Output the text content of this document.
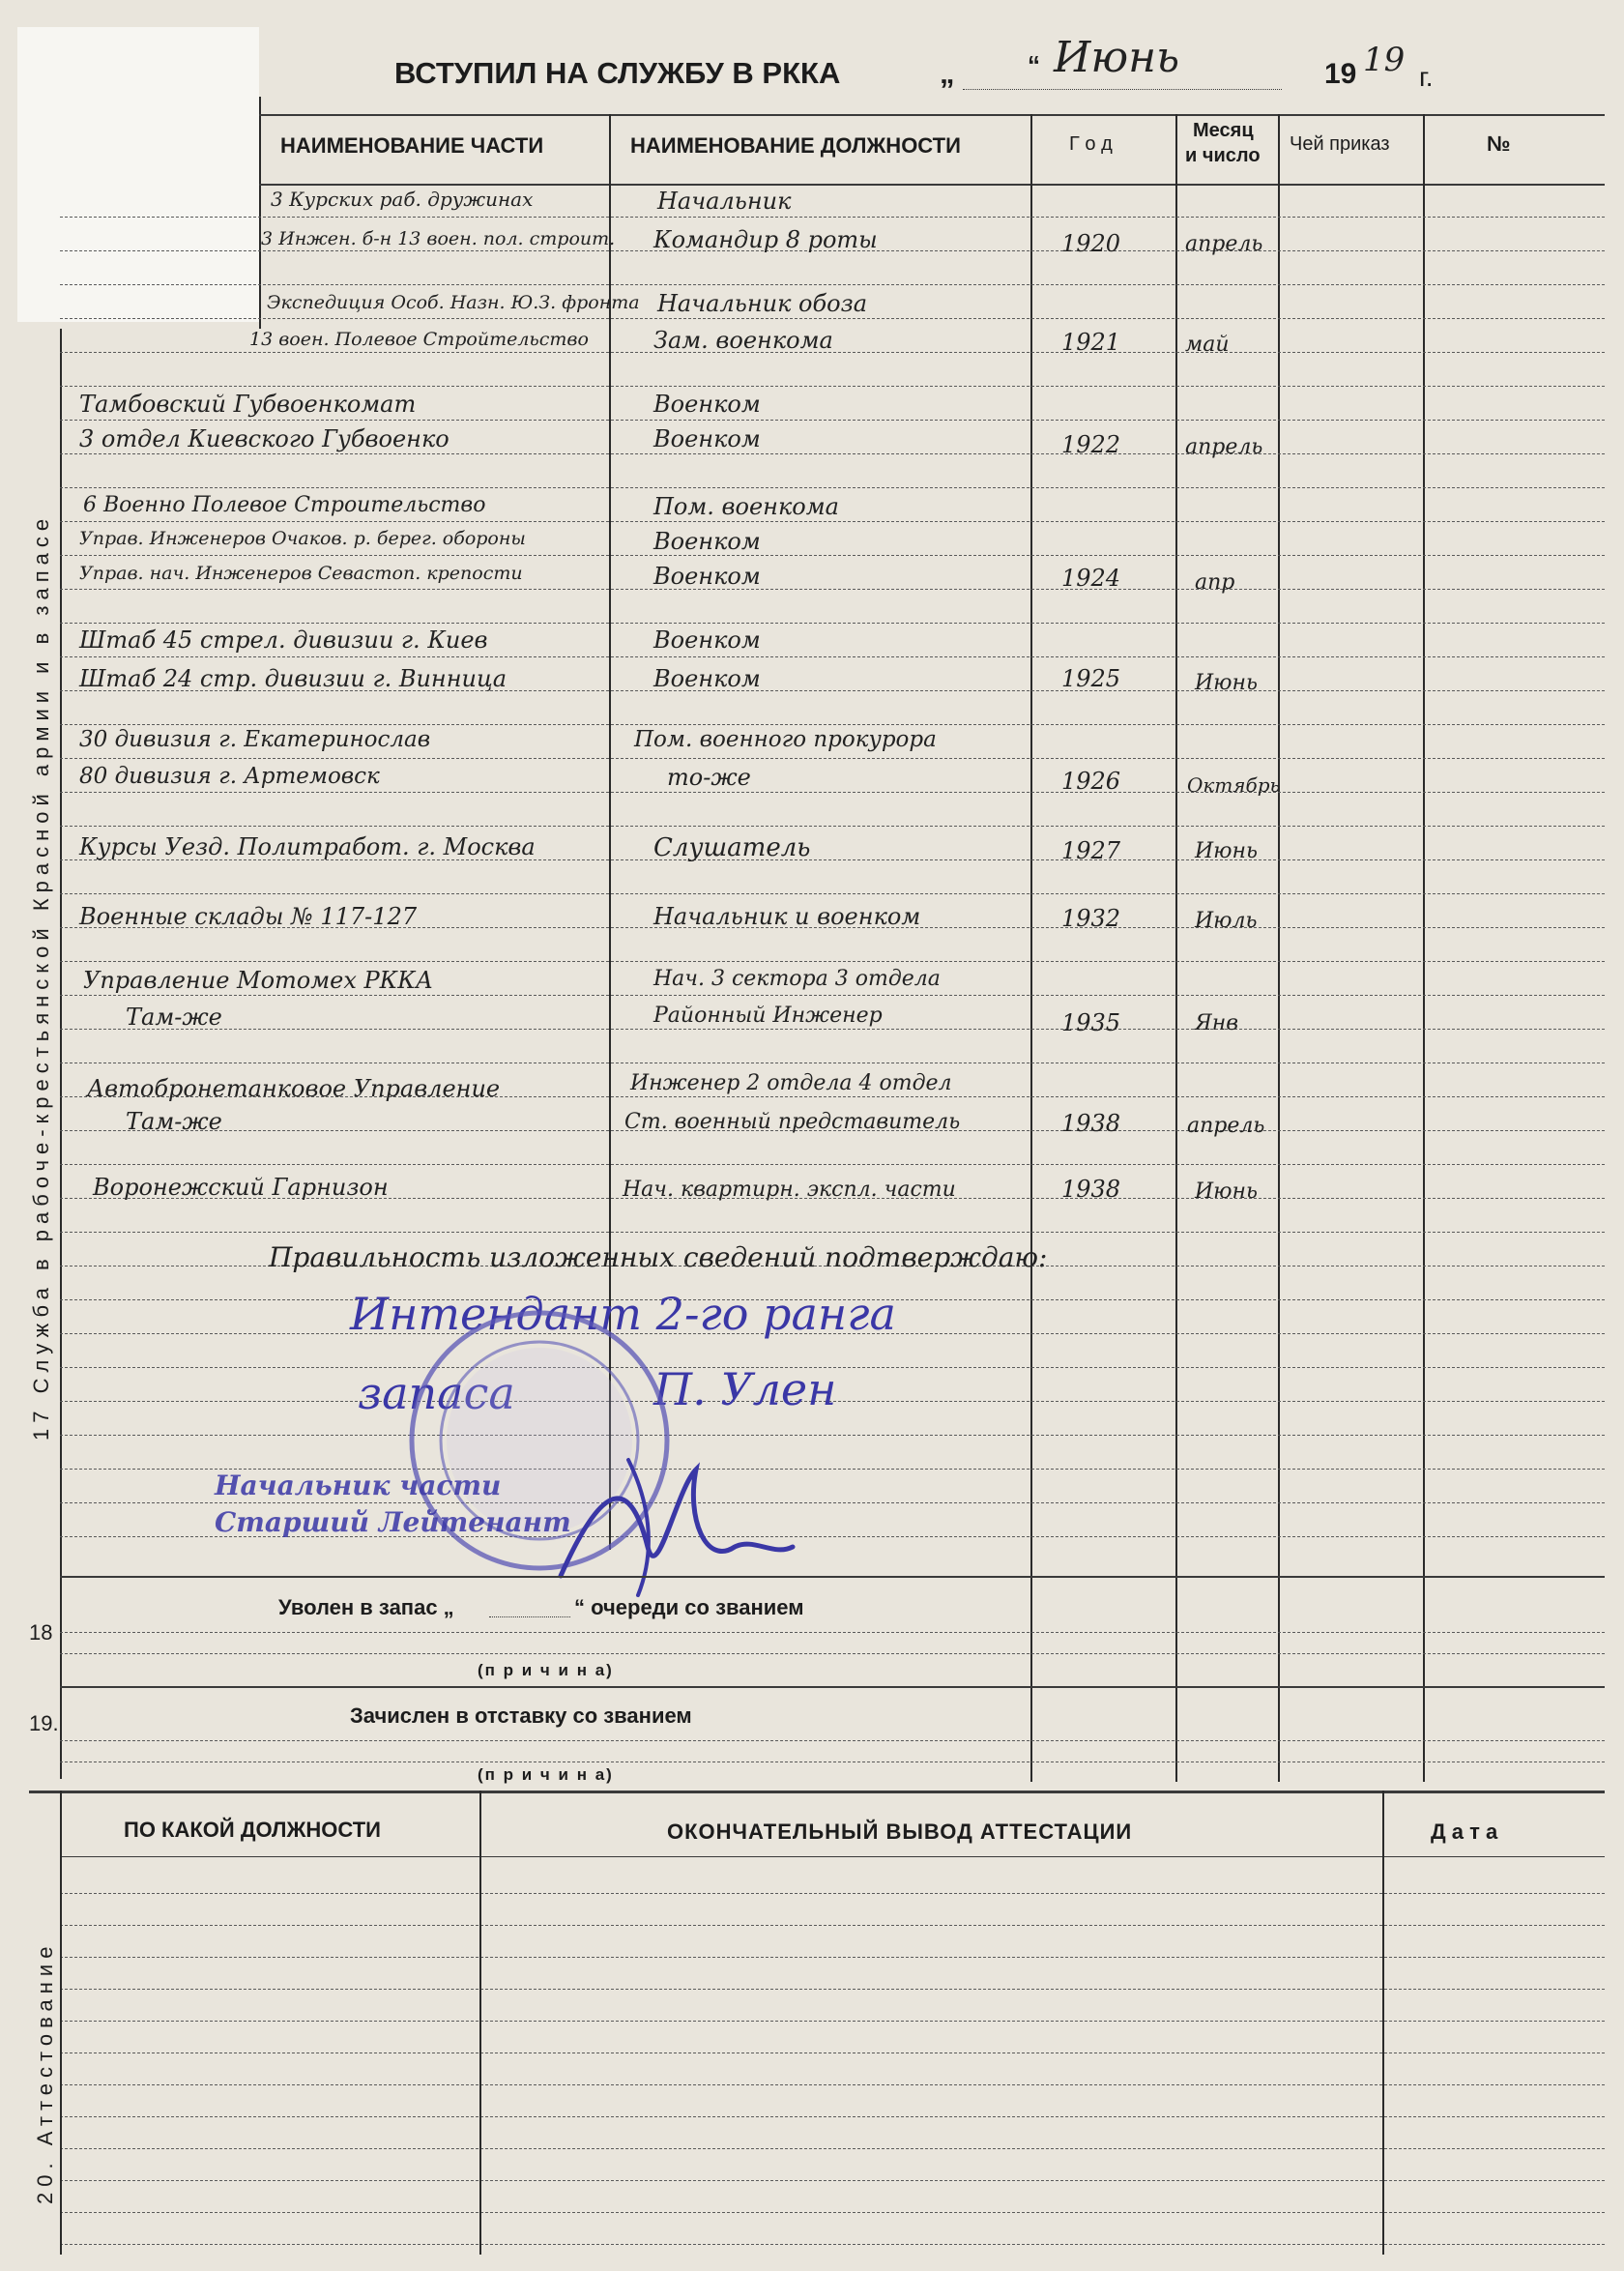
ВСТУПИЛ НА СЛУЖБУ В РККА	„	“ Июнь	19 19 г.
НАИМЕНОВАНИЕ ЧАСТИ	НАИМЕНОВАНИЕ ДОЛЖНОСТИ	Г о д
Месяц
и число
Чей приказ	№
17 Служба в рабоче-крестьянской Красной армии и в запасе
3 Курских раб. дружинах	Начальник
3 Инжен. б-н 13 воен. пол. строит. Командир 8 роты	1920	апрель
Экспедиция Особ. Назн. Ю.З. фронта Начальник обоза
13 воен. Полевое Стройтельство	Зам. военкома	1921	май
Тамбовский Губвоенкомат	Военком
3 отдел Киевского Губвоенко	Военком	1922	апрель
6 Военно Полевое Строительство	Пом. военкома
Управ. Инженеров Очаков. р. берег. обороны	Военком
Управ. нач. Инженеров Севастоп. крепости	Военком	1924	апр
Штаб 45 стрел. дивизии г. Киев	Военком
Штаб 24 стр. дивизии г. Винница	Военком	1925	Июнь
30 дивизия г. Екатеринослав	Пом. военного прокурора
80 дивизия г. Артемовск	то-же	1926	Октябрь
Курсы Уезд. Политработ. г. Москва	Слушатель	1927	Июнь
Военные склады № 117-127	Начальник и военком	1932	Июль
Управление Мотомех РККА	Нач. 3 сектора 3 отдела
Там-же	Районный Инженер	1935	Янв
Автобронетанковое Управление	Инженер 2 отдела 4 отдел
Там-же	Ст. военный представитель	1938	апрель
Воронежский Гарнизон	Нач. квартирн. экспл. части	1938	Июнь
Правильность изложенных сведений подтверждаю:
Интендант 2-го ранга
запаса	П. Улен
Начальник части
Старший Лейтенант
18
Уволен в запас „	“ очереди со званием
(п р и ч и н а)
19.	Зачислен в отставку со званием
(п р и ч и н а)
20. Аттестование
ПО КАКОЙ ДОЛЖНОСТИ	ОКОНЧАТЕЛЬНЫЙ ВЫВОД АТТЕСТАЦИИ	Д а т а
